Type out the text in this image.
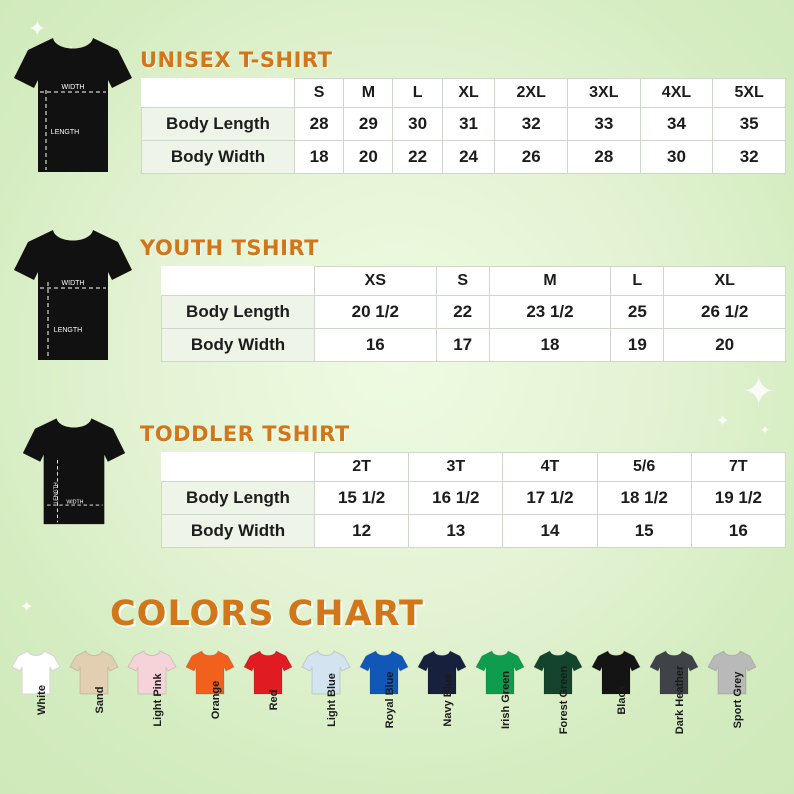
✦
✦
✦	✦
✦
WIDTH
LENGTH
UNISEX T-SHIRT
	S	M	L	XL	2XL	3XL	4XL	5XL
Body Length	28	29	30	31	32	33	34	35
Body Width	18	20	22	24	26	28	30	32
WIDTH
LENGTH
YOUTH TSHIRT
	XS	S	M	L	XL
Body Length	20 1/2	22	23 1/2	25	26 1/2
Body Width	16	17	18	19	20
WIDTH
LENGTH
TODDLER TSHIRT
	2T	3T	4T	5/6	7T
Body Length	15 1/2	16 1/2	17 1/2	18 1/2	19 1/2
Body Width	12	13	14	15	16
COLORS CHART
White	Sand	Light Pink	Orange	Red	Light Blue	Royal Blue	Navy Blue	Irish Green	Forest Green	Black	Dark Heather	Sport Grey
